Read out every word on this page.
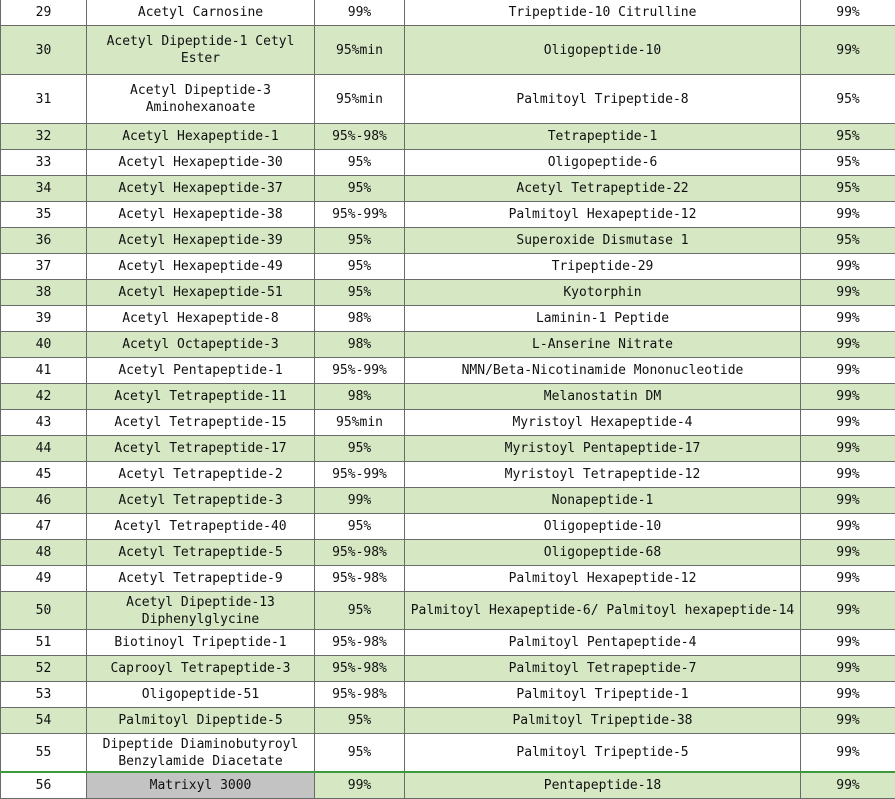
29	Acetyl Carnosine	99%	Tripeptide-10 Citrulline	99%
30	Acetyl Dipeptide-1 Cetyl Ester	95%min	Oligopeptide-10	99%
31	Acetyl Dipeptide-3 Aminohexanoate	95%min	Palmitoyl Tripeptide-8	95%
32	Acetyl Hexapeptide-1	95%-98%	Tetrapeptide-1	95%
33	Acetyl Hexapeptide-30	95%	Oligopeptide-6	95%
34	Acetyl Hexapeptide-37	95%	Acetyl Tetrapeptide-22	95%
35	Acetyl Hexapeptide-38	95%-99%	Palmitoyl Hexapeptide-12	99%
36	Acetyl Hexapeptide-39	95%	Superoxide Dismutase 1	95%
37	Acetyl Hexapeptide-49	95%	Tripeptide-29	99%
38	Acetyl Hexapeptide-51	95%	Kyotorphin	99%
39	Acetyl Hexapeptide-8	98%	Laminin-1 Peptide	99%
40	Acetyl Octapeptide-3	98%	L-Anserine Nitrate	99%
41	Acetyl Pentapeptide-1	95%-99%	NMN/Beta-Nicotinamide Mononucleotide	99%
42	Acetyl Tetrapeptide-11	98%	Melanostatin DM	99%
43	Acetyl Tetrapeptide-15	95%min	Myristoyl Hexapeptide-4	99%
44	Acetyl Tetrapeptide-17	95%	Myristoyl Pentapeptide-17	99%
45	Acetyl Tetrapeptide-2	95%-99%	Myristoyl Tetrapeptide-12	99%
46	Acetyl Tetrapeptide-3	99%	Nonapeptide-1	99%
47	Acetyl Tetrapeptide-40	95%	Oligopeptide-10	99%
48	Acetyl Tetrapeptide-5	95%-98%	Oligopeptide-68	99%
49	Acetyl Tetrapeptide-9	95%-98%	Palmitoyl Hexapeptide-12	99%
50	Acetyl Dipeptide-13 Diphenylglycine	95%	Palmitoyl Hexapeptide-6/ Palmitoyl hexapeptide-14	99%
51	Biotinoyl Tripeptide-1	95%-98%	Palmitoyl Pentapeptide-4	99%
52	Caprooyl Tetrapeptide-3	95%-98%	Palmitoyl Tetrapeptide-7	99%
53	Oligopeptide-51	95%-98%	Palmitoyl Tripeptide-1	99%
54	Palmitoyl Dipeptide-5	95%	Palmitoyl Tripeptide-38	99%
55	Dipeptide Diaminobutyroyl Benzylamide Diacetate	95%	Palmitoyl Tripeptide-5	99%
56	Matrixyl 3000	99%	Pentapeptide-18	99%
